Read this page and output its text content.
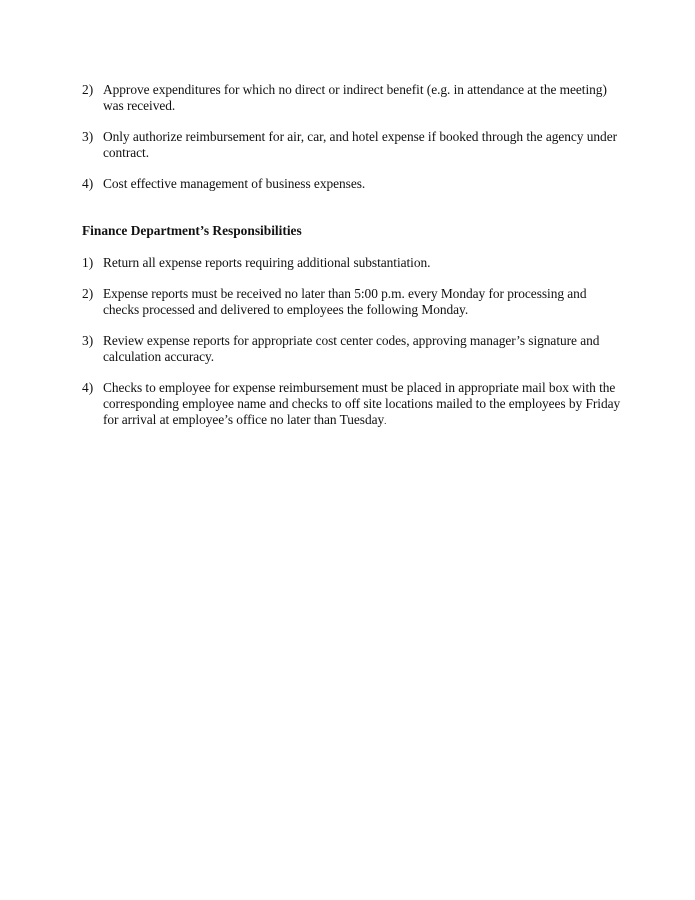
2) Approve expenditures for which no direct or indirect benefit (e.g. in attendance at the meeting) was received.
3) Only authorize reimbursement for air, car, and hotel expense if booked through the agency under contract.
4) Cost effective management of business expenses.
Finance Department’s Responsibilities
1) Return all expense reports requiring additional substantiation.
2) Expense reports must be received no later than 5:00 p.m. every Monday for processing and checks processed and delivered to employees the following Monday.
3) Review expense reports for appropriate cost center codes, approving manager’s signature and calculation accuracy.
4) Checks to employee for expense reimbursement must be placed in appropriate mail box with the corresponding employee name and checks to off site locations mailed to the employees by Friday for arrival at employee’s office no later than Tuesday.
